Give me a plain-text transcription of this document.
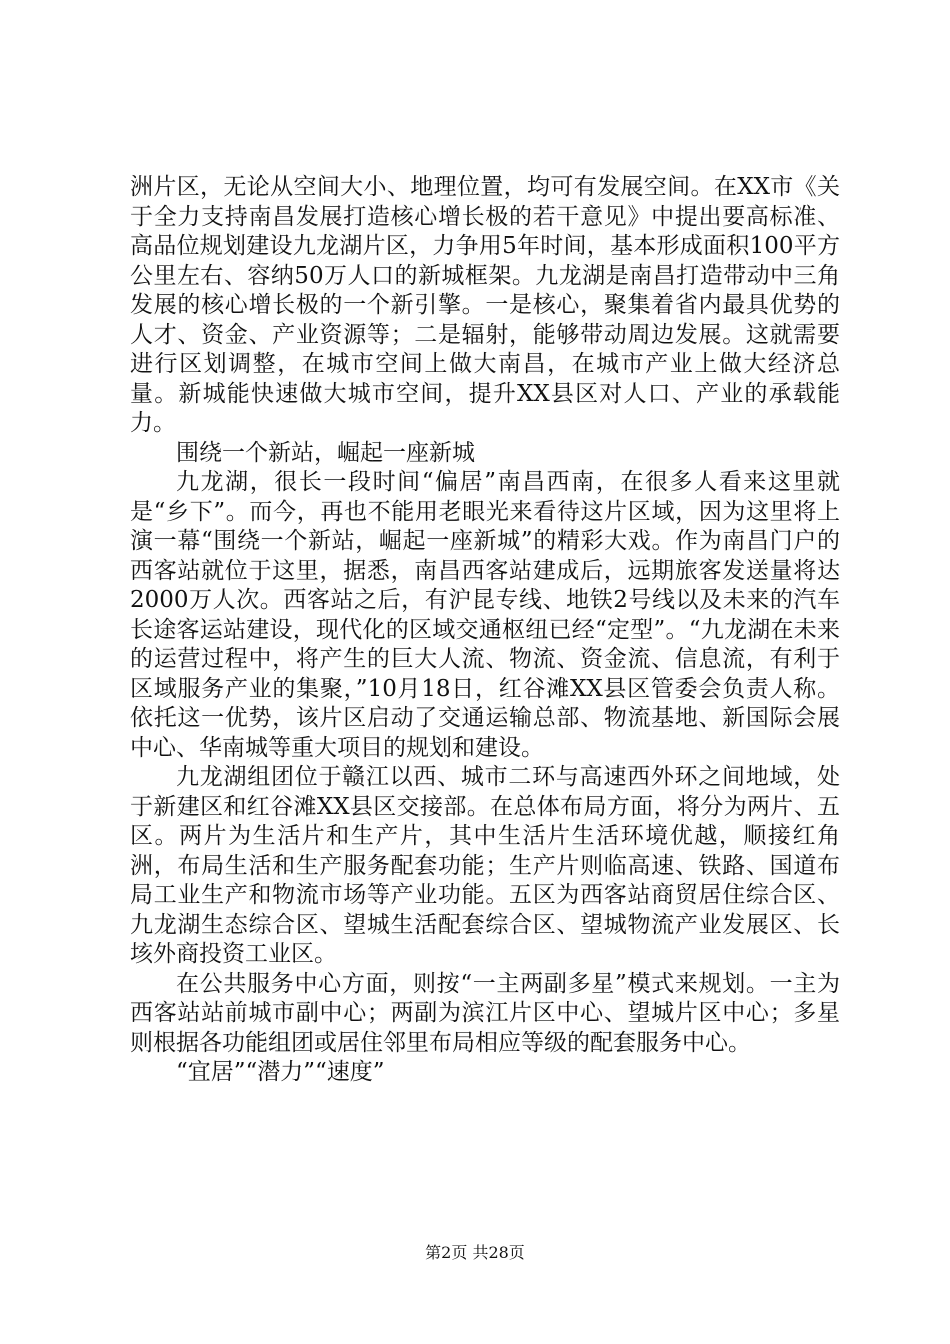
洲片区，无论从空间大小、地理位置，均可有发展空间。在XX市《关于全力支持南昌发展打造核心增长极的若干意见》中提出要高标准、高品位规划建设九龙湖片区，力争用5年时间，基本形成面积100平方公里左右、容纳50万人口的新城框架。九龙湖是南昌打造带动中三角发展的核心增长极的一个新引擎。一是核心，聚集着省内最具优势的人才、资金、产业资源等；二是辐射，能够带动周边发展。这就需要进行区划调整，在城市空间上做大南昌，在城市产业上做大经济总量。新城能快速做大城市空间，提升XX县区对人口、产业的承载能力。

围绕一个新站，崛起一座新城

九龙湖，很长一段时间“偏居”南昌西南，在很多人看来这里就是“乡下”。而今，再也不能用老眼光来看待这片区域，因为这里将上演一幕“围绕一个新站，崛起一座新城”的精彩大戏。作为南昌门户的西客站就位于这里，据悉，南昌西客站建成后，远期旅客发送量将达2000万人次。西客站之后，有沪昆专线、地铁2号线以及未来的汽车长途客运站建设，现代化的区域交通枢纽已经“定型”。“九龙湖在未来的运营过程中，将产生的巨大人流、物流、资金流、信息流，有利于区域服务产业的集聚，”10月18日，红谷滩XX县区管委会负责人称。依托这一优势，该片区启动了交通运输总部、物流基地、新国际会展中心、华南城等重大项目的规划和建设。

九龙湖组团位于赣江以西、城市二环与高速西外环之间地域，处于新建区和红谷滩XX县区交接部。在总体布局方面，将分为两片、五区。两片为生活片和生产片，其中生活片生活环境优越，顺接红角洲，布局生活和生产服务配套功能；生产片则临高速、铁路、国道布局工业生产和物流市场等产业功能。五区为西客站商贸居住综合区、九龙湖生态综合区、望城生活配套综合区、望城物流产业发展区、长垓外商投资工业区。

在公共服务中心方面，则按“一主两副多星”模式来规划。一主为西客站站前城市副中心；两副为滨江片区中心、望城片区中心；多星则根据各功能组团或居住邻里布局相应等级的配套服务中心。

“宜居”“潜力”“速度”

第2页 共28页
